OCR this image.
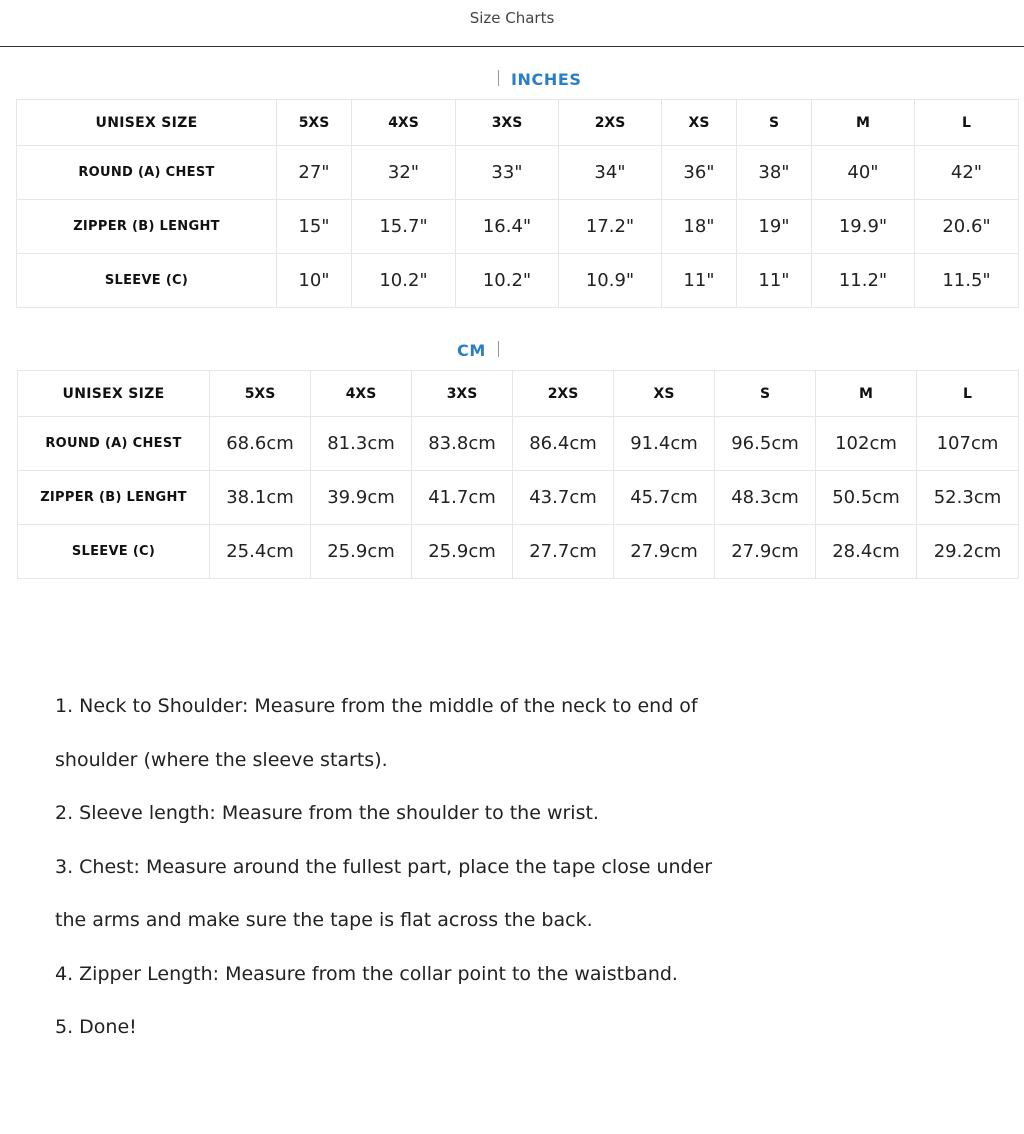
Size Charts
INCHES
UNISEX SIZE	5XS	4XS	3XS	2XS	XS	S	M	L
ROUND (A) CHEST	27"	32"	33"	34"	36"	38"	40"	42"
ZIPPER (B) LENGHT	15"	15.7"	16.4"	17.2"	18"	19"	19.9"	20.6"
SLEEVE (C)	10"	10.2"	10.2"	10.9"	11"	11"	11.2"	11.5"
CM
UNISEX SIZE	5XS	4XS	3XS	2XS	XS	S	M	L
ROUND (A) CHEST	68.6cm	81.3cm	83.8cm	86.4cm	91.4cm	96.5cm	102cm	107cm
ZIPPER (B) LENGHT	38.1cm	39.9cm	41.7cm	43.7cm	45.7cm	48.3cm	50.5cm	52.3cm
SLEEVE (C)	25.4cm	25.9cm	25.9cm	27.7cm	27.9cm	27.9cm	28.4cm	29.2cm

1. Neck to Shoulder: Measure from the middle of the neck to end of

shoulder (where the sleeve starts).

2. Sleeve length: Measure from the shoulder to the wrist.

3. Chest: Measure around the fullest part, place the tape close under

the arms and make sure the tape is flat across the back.

4. Zipper Length: Measure from the collar point to the waistband.

5. Done!
